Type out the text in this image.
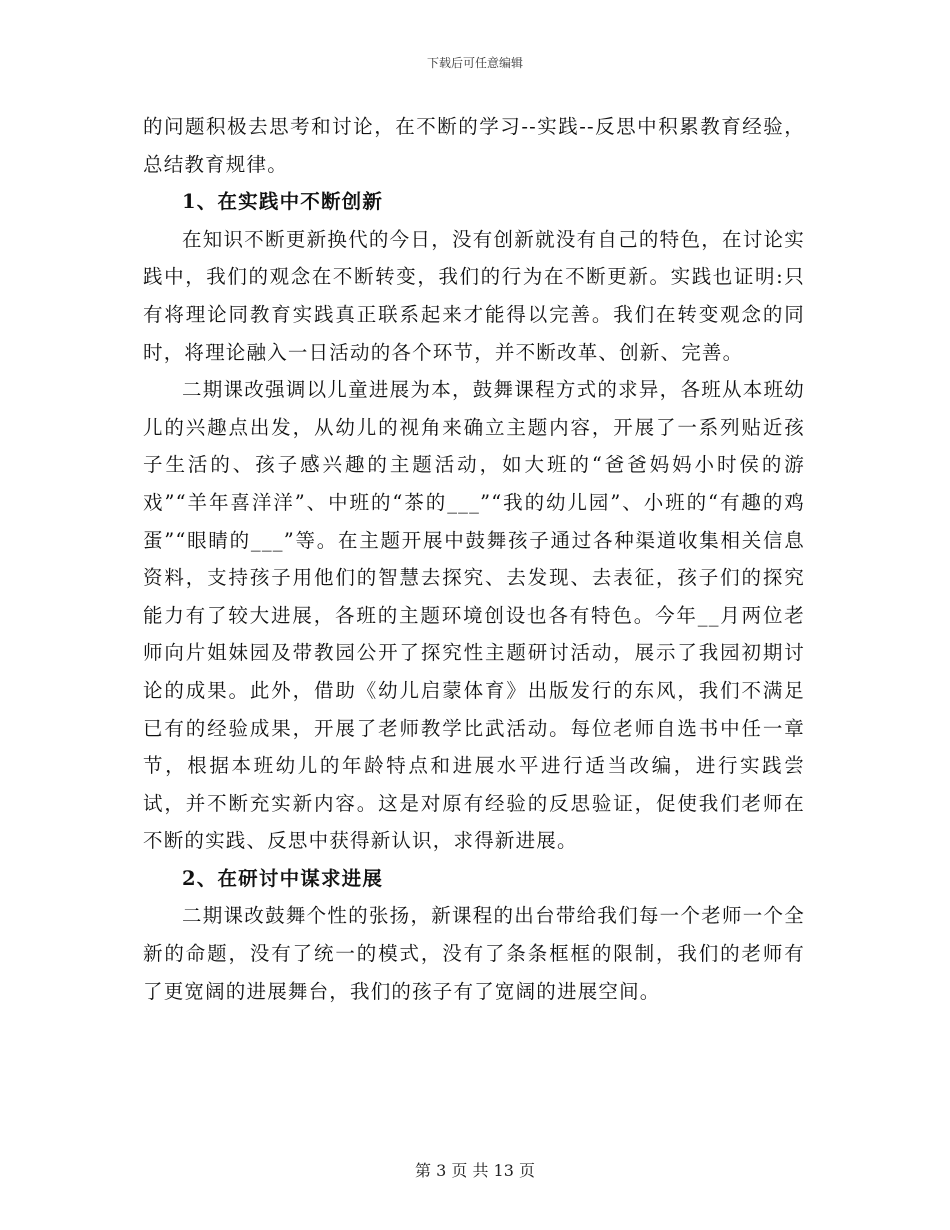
下载后可任意编辑

的问题积极去思考和讨论，在不断的学习--实践--反思中积累教育经验，总结教育规律。

1、在实践中不断创新

在知识不断更新换代的今日，没有创新就没有自己的特色，在讨论实践中，我们的观念在不断转变，我们的行为在不断更新。实践也证明:只有将理论同教育实践真正联系起来才能得以完善。我们在转变观念的同时，将理论融入一日活动的各个环节，并不断改革、创新、完善。

二期课改强调以儿童进展为本，鼓舞课程方式的求异，各班从本班幼儿的兴趣点出发，从幼儿的视角来确立主题内容，开展了一系列贴近孩子生活的、孩子感兴趣的主题活动，如大班的“爸爸妈妈小时侯的游戏”“羊年喜洋洋”、中班的“茶的___”“我的幼儿园”、小班的“有趣的鸡蛋”“眼睛的___”等。在主题开展中鼓舞孩子通过各种渠道收集相关信息资料，支持孩子用他们的智慧去探究、去发现、去表征，孩子们的探究能力有了较大进展，各班的主题环境创设也各有特色。今年__月两位老师向片姐妹园及带教园公开了探究性主题研讨活动，展示了我园初期讨论的成果。此外，借助《幼儿启蒙体育》出版发行的东风，我们不满足已有的经验成果，开展了老师教学比武活动。每位老师自选书中任一章节，根据本班幼儿的年龄特点和进展水平进行适当改编，进行实践尝试，并不断充实新内容。这是对原有经验的反思验证，促使我们老师在不断的实践、反思中获得新认识，求得新进展。

2、在研讨中谋求进展

二期课改鼓舞个性的张扬，新课程的出台带给我们每一个老师一个全新的命题，没有了统一的模式，没有了条条框框的限制，我们的老师有了更宽阔的进展舞台，我们的孩子有了宽阔的进展空间。

第 3 页 共 13 页
